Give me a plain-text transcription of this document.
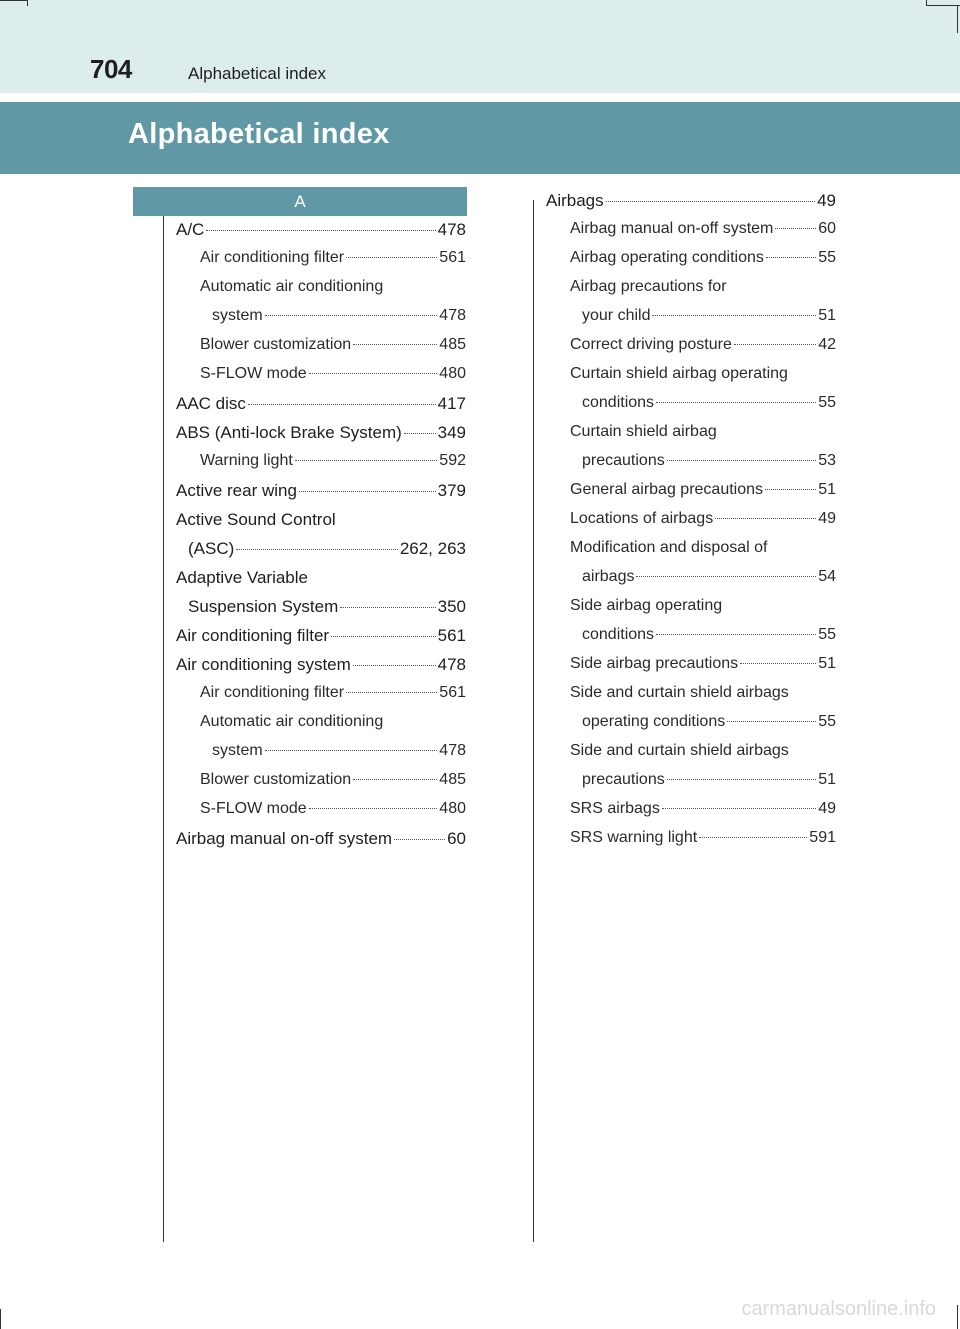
704	Alphabetical index
Alphabetical index
A
A/C	478
Air conditioning filter	561
Automatic air conditioning
system	478
Blower customization	485
S-FLOW mode	480
AAC disc	417
ABS (Anti-lock Brake System) 349
Warning light	592
Active rear wing	379
Active Sound Control
(ASC)	262, 263
Adaptive Variable
Suspension System	350
Air conditioning filter	561
Air conditioning system	478
Air conditioning filter	561
Automatic air conditioning
system	478
Blower customization	485
S-FLOW mode	480
Airbag manual on-off system	60
Airbags	49
Airbag manual on-off system	60
Airbag operating conditions	55
Airbag precautions for
your child	51
Correct driving posture	42
Curtain shield airbag operating
conditions	55
Curtain shield airbag
precautions	53
General airbag precautions	51
Locations of airbags	49
Modification and disposal of
airbags	54
Side airbag operating
conditions	55
Side airbag precautions	51
Side and curtain shield airbags
operating conditions	55
Side and curtain shield airbags
precautions	51
SRS airbags	49
SRS warning light	591
carmanualsonline.info
